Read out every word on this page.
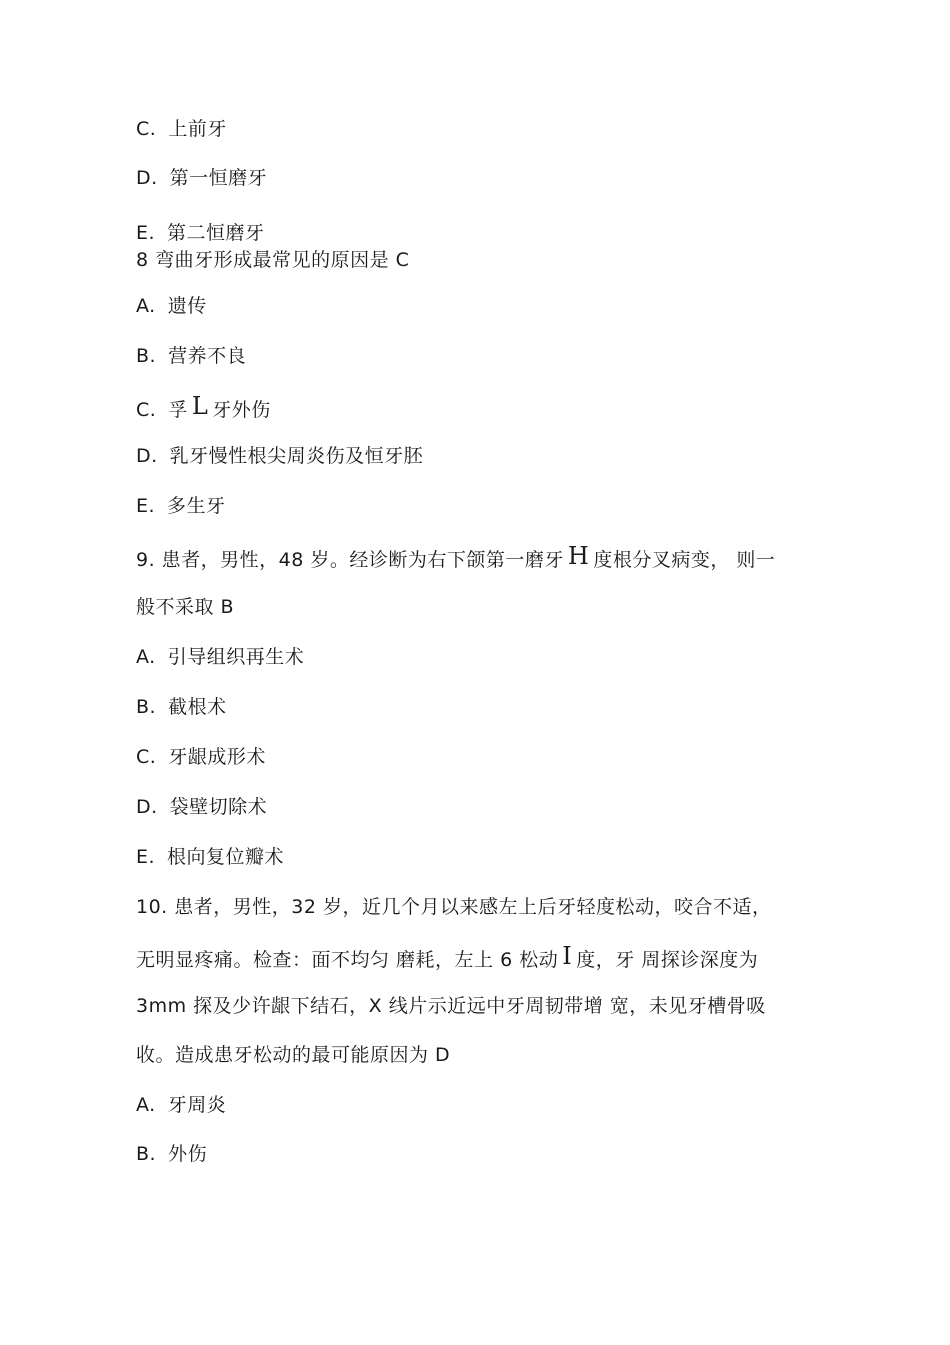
C. 上前牙
D. 第一恒磨牙
E. 第二恒磨牙
8 弯曲牙形成最常见的原因是 C
A. 遗传
B. 营养不良
C. 孚 L 牙外伤
D. 乳牙慢性根尖周炎伤及恒牙胚
E. 多生牙
9. 患者，男性，48 岁。经诊断为右下颌第一磨牙 H 度根分叉病变， 则一
般不采取 B
A. 引导组织再生术
B. 截根术
C. 牙龈成形术
D. 袋壁切除术
E. 根向复位瓣术
10. 患者，男性，32 岁，近几个月以来感左上后牙轻度松动，咬合不适，
无明显疼痛。检查：面不均匀 磨耗，左上 6 松动 I 度，牙 周探诊深度为
3mm 探及少许龈下结石，X 线片示近远中牙周韧带增 宽，未见牙槽骨吸
收。造成患牙松动的最可能原因为 D
A. 牙周炎
B. 外伤
